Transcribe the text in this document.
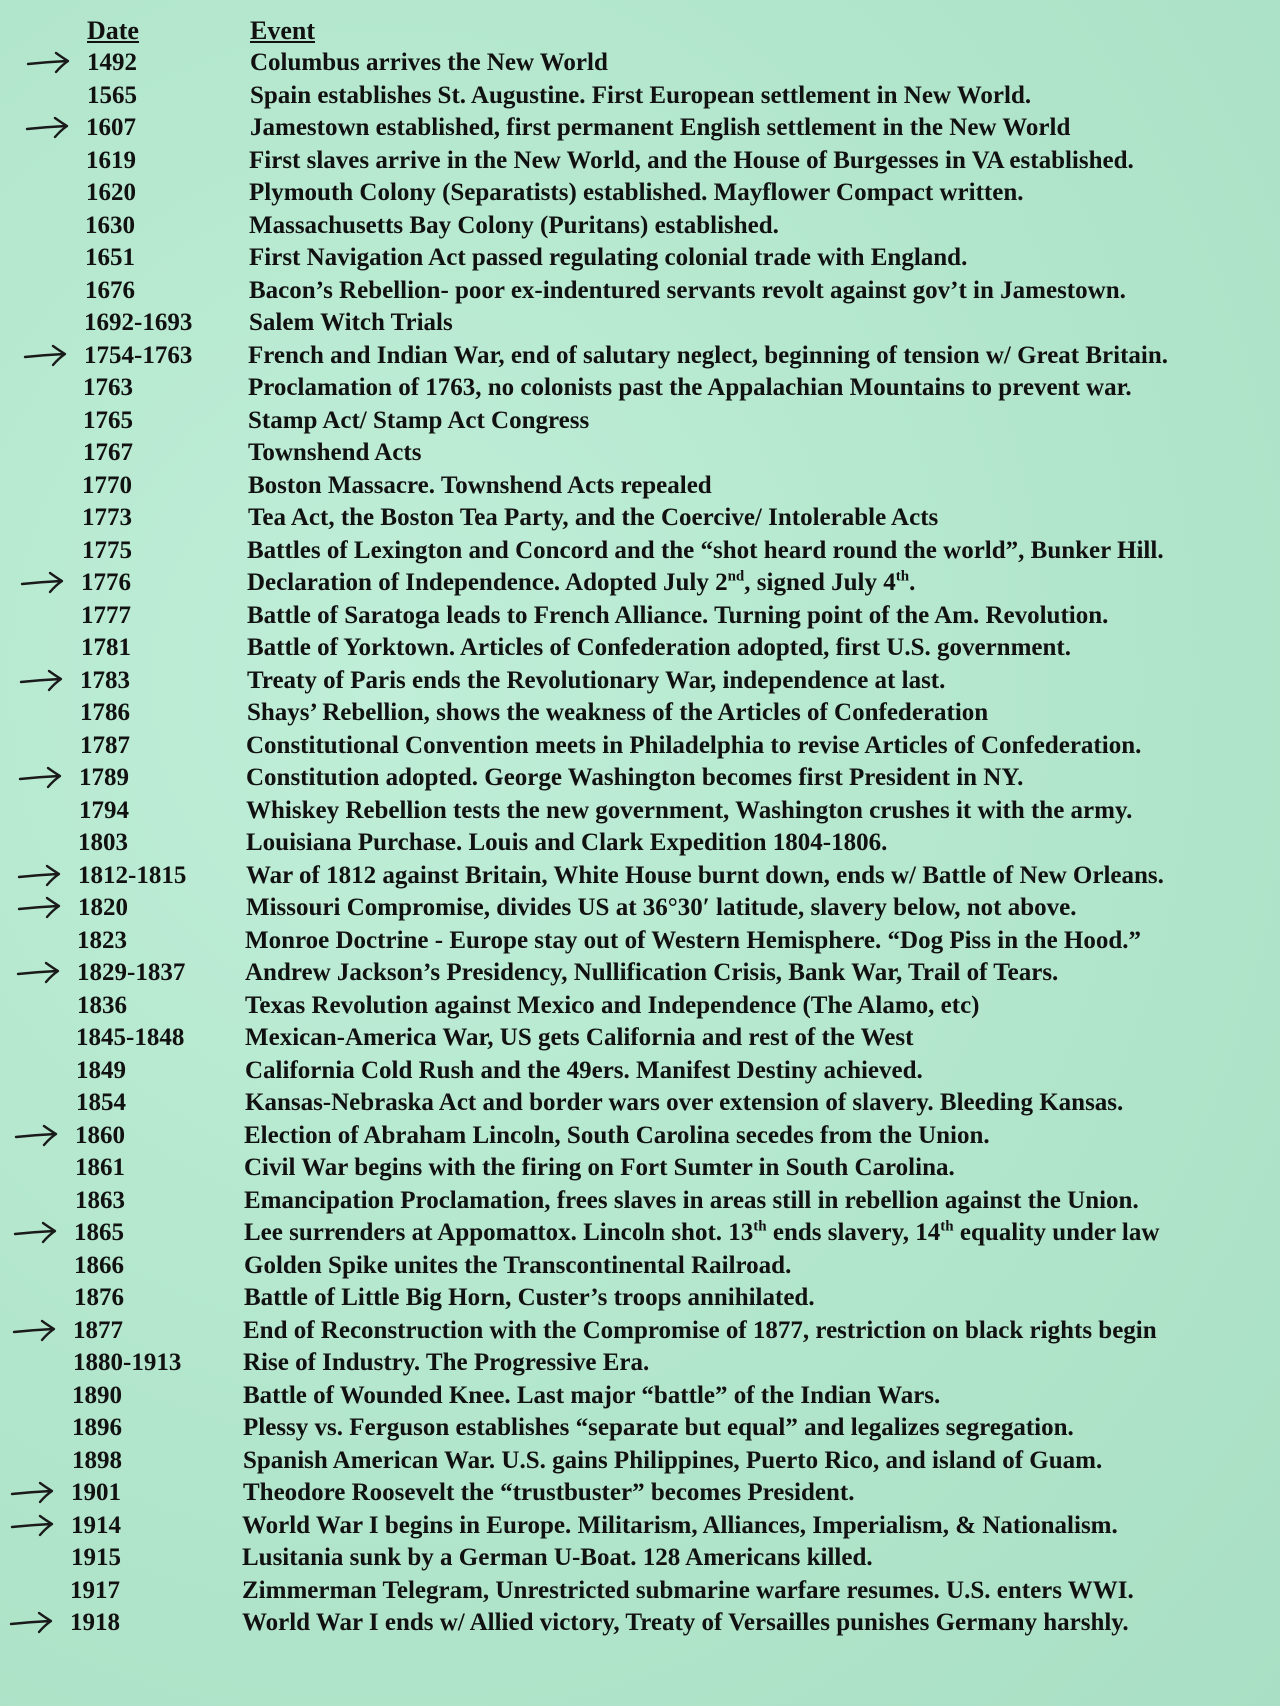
Date	Event
1492	Columbus arrives the New World
1565	Spain establishes St. Augustine. First European settlement in New World.
1607	Jamestown established, first permanent English settlement in the New World
1619	First slaves arrive in the New World, and the House of Burgesses in VA established.
1620	Plymouth Colony (Separatists) established. Mayflower Compact written.
1630	Massachusetts Bay Colony (Puritans) established.
1651	First Navigation Act passed regulating colonial trade with England.
1676	Bacon’s Rebellion- poor ex-indentured servants revolt against gov’t in Jamestown.
1692-1693 Salem Witch Trials
1754-1763 French and Indian War, end of salutary neglect, beginning of tension w/ Great Britain.
1763	Proclamation of 1763, no colonists past the Appalachian Mountains to prevent war.
1765	Stamp Act/ Stamp Act Congress
1767	Townshend Acts
1770	Boston Massacre. Townshend Acts repealed
1773	Tea Act, the Boston Tea Party, and the Coercive/ Intolerable Acts
1775	Battles of Lexington and Concord and the “shot heard round the world”, Bunker Hill.
1776	Declaration of Independence. Adopted July 2nd, signed July 4th.
1777	Battle of Saratoga leads to French Alliance. Turning point of the Am. Revolution.
1781	Battle of Yorktown. Articles of Confederation adopted, first U.S. government.
1783	Treaty of Paris ends the Revolutionary War, independence at last.
1786	Shays’ Rebellion, shows the weakness of the Articles of Confederation
1787	Constitutional Convention meets in Philadelphia to revise Articles of Confederation.
1789	Constitution adopted. George Washington becomes first President in NY.
1794	Whiskey Rebellion tests the new government, Washington crushes it with the army.
1803	Louisiana Purchase. Louis and Clark Expedition 1804-1806.
1812-1815 War of 1812 against Britain, White House burnt down, ends w/ Battle of New Orleans.
1820	Missouri Compromise, divides US at 36°30′ latitude, slavery below, not above.
1823	Monroe Doctrine - Europe stay out of Western Hemisphere. “Dog Piss in the Hood.”
1829-1837 Andrew Jackson’s Presidency, Nullification Crisis, Bank War, Trail of Tears.
1836	Texas Revolution against Mexico and Independence (The Alamo, etc)
1845-1848 Mexican-America War, US gets California and rest of the West
1849	California Cold Rush and the 49ers. Manifest Destiny achieved.
1854	Kansas-Nebraska Act and border wars over extension of slavery. Bleeding Kansas.
1860	Election of Abraham Lincoln, South Carolina secedes from the Union.
1861	Civil War begins with the firing on Fort Sumter in South Carolina.
1863	Emancipation Proclamation, frees slaves in areas still in rebellion against the Union.
1865	Lee surrenders at Appomattox. Lincoln shot. 13th ends slavery, 14th equality under law
1866	Golden Spike unites the Transcontinental Railroad.
1876	Battle of Little Big Horn, Custer’s troops annihilated.
1877	End of Reconstruction with the Compromise of 1877, restriction on black rights begin
1880-1913 Rise of Industry. The Progressive Era.
1890	Battle of Wounded Knee. Last major “battle” of the Indian Wars.
1896	Plessy vs. Ferguson establishes “separate but equal” and legalizes segregation.
1898	Spanish American War. U.S. gains Philippines, Puerto Rico, and island of Guam.
1901	Theodore Roosevelt the “trustbuster” becomes President.
1914	World War I begins in Europe. Militarism, Alliances, Imperialism, & Nationalism.
1915	Lusitania sunk by a German U-Boat. 128 Americans killed.
1917	Zimmerman Telegram, Unrestricted submarine warfare resumes. U.S. enters WWI.
1918	World War I ends w/ Allied victory, Treaty of Versailles punishes Germany harshly.
